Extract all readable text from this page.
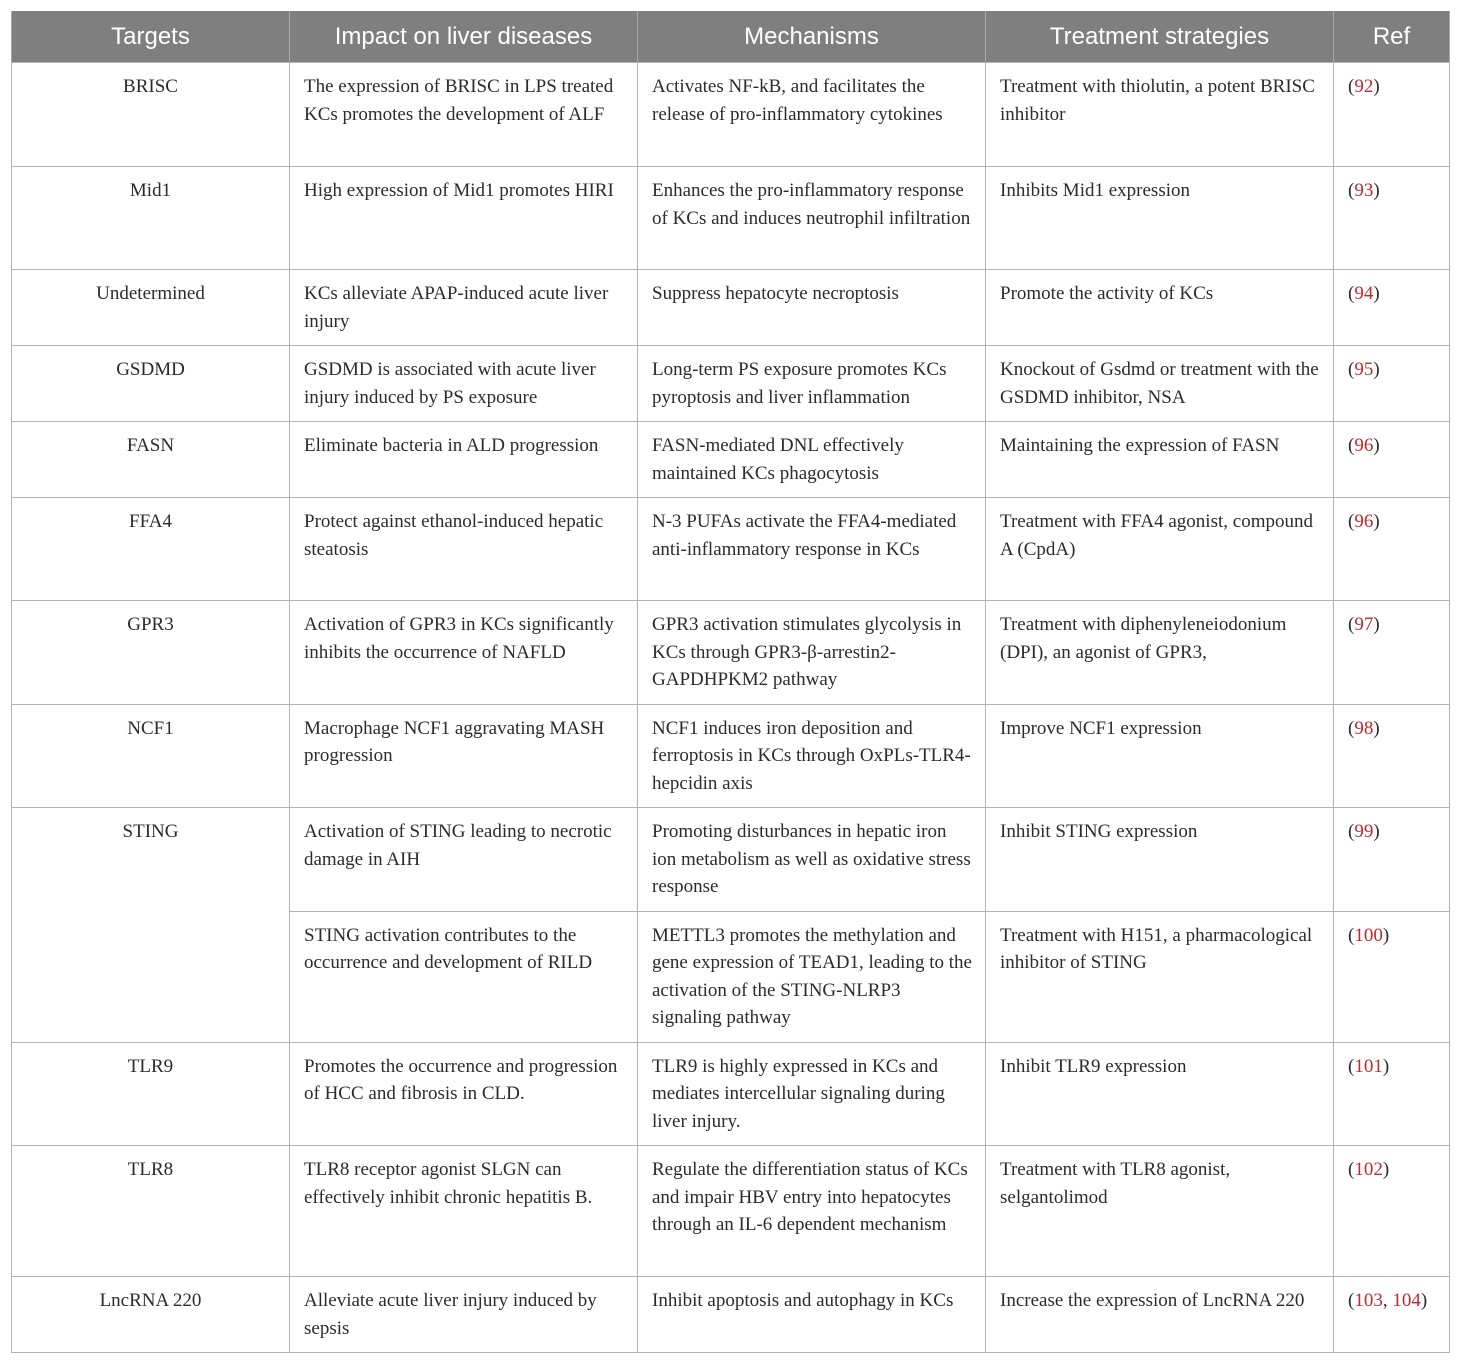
Targets	Impact on liver diseases	Mechanisms	Treatment strategies	Ref
BRISC	The expression of BRISC in LPS treated KCs promotes the development of ALF	Activates NF-kB, and facilitates the release of pro-inflammatory cytokines	Treatment with thiolutin, a potent BRISC inhibitor	(92)
Mid1	High expression of Mid1 promotes HIRI	Enhances the pro-inflammatory response of KCs and induces neutrophil infiltration	Inhibits Mid1 expression	(93)
Undetermined	KCs alleviate APAP-induced acute liver injury	Suppress hepatocyte necroptosis	Promote the activity of KCs	(94)
GSDMD	GSDMD is associated with acute liver injury induced by PS exposure	Long-term PS exposure promotes KCs pyroptosis and liver inflammation	Knockout of Gsdmd or treatment with the GSDMD inhibitor, NSA	(95)
FASN	Eliminate bacteria in ALD progression	FASN-mediated DNL effectively maintained KCs phagocytosis	Maintaining the expression of FASN	(96)
FFA4	Protect against ethanol-induced hepatic steatosis	N-3 PUFAs activate the FFA4-mediated anti-inflammatory response in KCs	Treatment with FFA4 agonist, compound A (CpdA)	(96)
GPR3	Activation of GPR3 in KCs significantly inhibits the occurrence of NAFLD	GPR3 activation stimulates glycolysis in KCs through GPR3-β-arrestin2-GAPDHPKM2 pathway	Treatment with diphenyleneiodonium (DPI), an agonist of GPR3,	(97)
NCF1	Macrophage NCF1 aggravating MASH progression	NCF1 induces iron deposition and ferroptosis in KCs through OxPLs-TLR4-hepcidin axis	Improve NCF1 expression	(98)
STING	Activation of STING leading to necrotic damage in AIH	Promoting disturbances in hepatic iron ion metabolism as well as oxidative stress response	Inhibit STING expression	(99)
	STING activation contributes to the occurrence and development of RILD	METTL3 promotes the methylation and gene expression of TEAD1, leading to the activation of the STING-NLRP3 signaling pathway	Treatment with H151, a pharmacological inhibitor of STING	(100)
TLR9	Promotes the occurrence and progression of HCC and fibrosis in CLD.	TLR9 is highly expressed in KCs and mediates intercellular signaling during liver injury.	Inhibit TLR9 expression	(101)
TLR8	TLR8 receptor agonist SLGN can effectively inhibit chronic hepatitis B.	Regulate the differentiation status of KCs and impair HBV entry into hepatocytes through an IL-6 dependent mechanism	Treatment with TLR8 agonist, selgantolimod	(102)
LncRNA 220	Alleviate acute liver injury induced by sepsis	Inhibit apoptosis and autophagy in KCs	Increase the expression of LncRNA 220	(103, 104)
